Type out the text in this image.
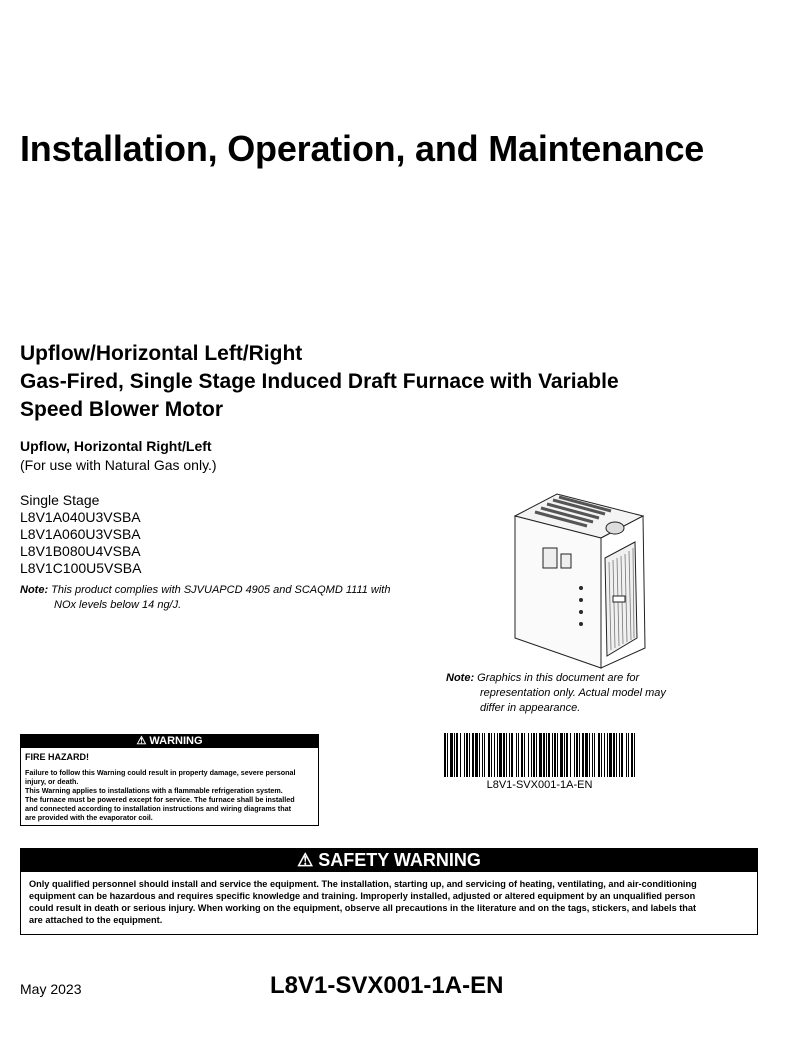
Installation, Operation, and Maintenance
Upflow/Horizontal Left/Right
Gas-Fired, Single Stage Induced Draft Furnace with Variable
Speed Blower Motor
Upflow, Horizontal Right/Left
(For use with Natural Gas only.)
Single Stage
L8V1A040U3VSBA
L8V1A060U3VSBA
L8V1B080U4VSBA
L8V1C100U5VSBA
Note: This product complies with SJVUAPCD 4905 and SCAQMD 1111 with
NOx levels below 14 ng/J.
Note: Graphics in this document are for
representation only. Actual model may
differ in appearance.
⚠ WARNING
FIRE HAZARD!
Failure to follow this Warning could result in property damage, severe personal
injury, or death.
This Warning applies to installations with a flammable refrigeration system.
The furnace must be powered except for service. The furnace shall be installed
and connected according to installation instructions and wiring diagrams that
are provided with the evaporator coil.
L8V1-SVX001-1A-EN
⚠ SAFETY WARNING
Only qualified personnel should install and service the equipment. The installation, starting up, and servicing of heating, ventilating, and air-conditioning
equipment can be hazardous and requires specific knowledge and training. Improperly installed, adjusted or altered equipment by an unqualified person
could result in death or serious injury. When working on the equipment, observe all precautions in the literature and on the tags, stickers, and labels that
are attached to the equipment.
May 2023	L8V1-SVX001-1A-EN
